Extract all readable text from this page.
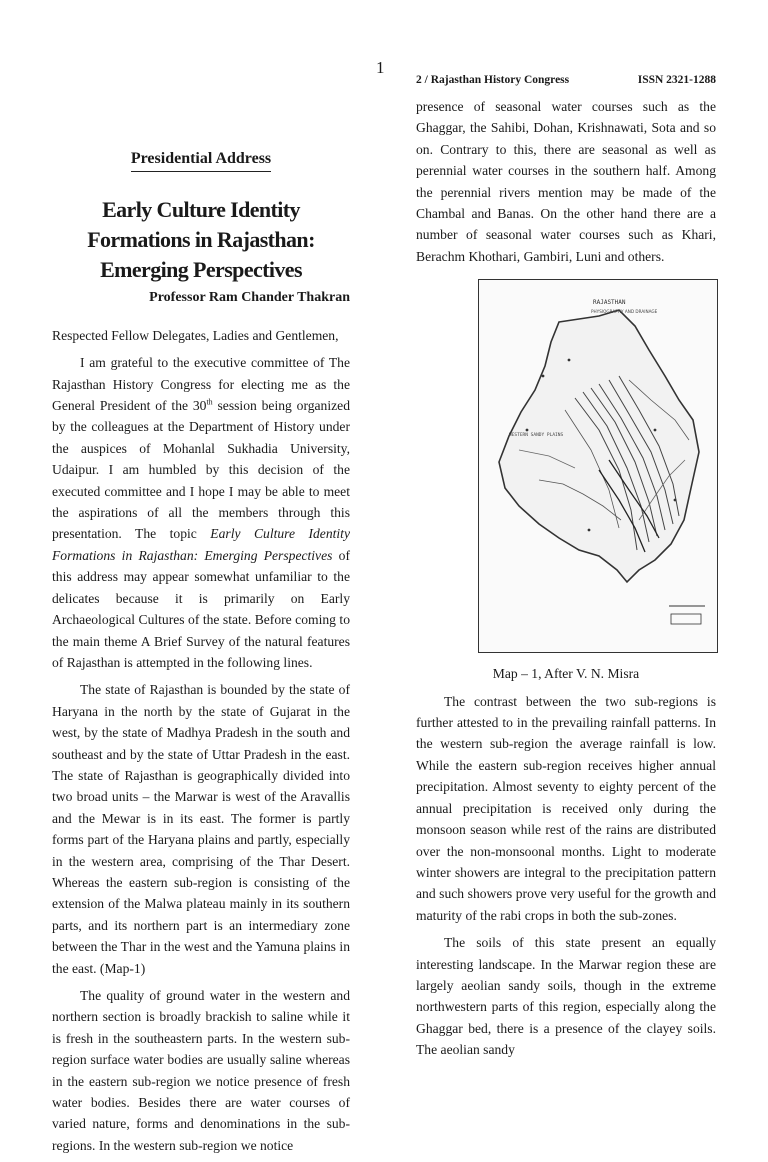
1
Presidential Address
Early Culture Identity Formations in Rajasthan: Emerging Perspectives
Professor Ram Chander Thakran

Respected Fellow Delegates, Ladies and Gentlemen,

I am grateful to the executive committee of The Rajasthan History Congress for electing me as the General President of the 30th session being organized by the colleagues at the Department of History under the auspices of Mohanlal Sukhadia University, Udaipur. I am humbled by this decision of the executed committee and I hope I may be able to meet the aspirations of all the members through this presentation. The topic Early Culture Identity Formations in Rajasthan: Emerging Perspectives of this address may appear somewhat unfamiliar to the delicates because it is primarily on Early Archaeological Cultures of the state. Before coming to the main theme A Brief Survey of the natural features of Rajasthan is attempted in the following lines.

The state of Rajasthan is bounded by the state of Haryana in the north by the state of Gujarat in the west, by the state of Madhya Pradesh in the south and southeast and by the state of Uttar Pradesh in the east. The state of Rajasthan is geographically divided into two broad units – the Marwar is west of the Aravallis and the Mewar is in its east. The former is partly forms part of the Haryana plains and partly, especially in the western area, comprising of the Thar Desert. Whereas the eastern sub-region is consisting of the extension of the Malwa plateau mainly in its southern parts, and its northern part is an intermediary zone between the Thar in the west and the Yamuna plains in the east. (Map-1)

The quality of ground water in the western and northern section is broadly brackish to saline while it is fresh in the southeastern parts. In the western sub-region surface water bodies are usually saline whereas in the eastern sub-region we notice presence of fresh water bodies. Besides there are water courses of varied nature, forms and denominations in the sub-regions. In the western sub-region we notice

2 / Rajasthan History Congress	ISSN 2321-1288

presence of seasonal water courses such as the Ghaggar, the Sahibi, Dohan, Krishnawati, Sota and so on. Contrary to this, there are seasonal as well as perennial water courses in the southern half. Among the perennial rivers mention may be made of the Chambal and Banas. On the other hand there are a number of seasonal water courses such as Khari, Berachm Khothari, Gambiri, Luni and others.

RAJASTHAN
PHYSIOGRAPHY AND DRAINAGE
WESTERN SANDY PLAINS
Map – 1, After V. N. Misra

The contrast between the two sub-regions is further attested to in the prevailing rainfall patterns. In the western sub-region the average rainfall is low. While the eastern sub-region receives higher annual precipitation. Almost seventy to eighty percent of the annual precipitation is received only during the monsoon season while rest of the rains are distributed over the non-monsoonal months. Light to moderate winter showers are integral to the precipitation pattern and such showers prove very useful for the growth and maturity of the rabi crops in both the sub-zones.

The soils of this state present an equally interesting landscape. In the Marwar region these are largely aeolian sandy soils, though in the extreme northwestern parts of this region, especially along the Ghaggar bed, there is a presence of the clayey soils. The aeolian sandy
